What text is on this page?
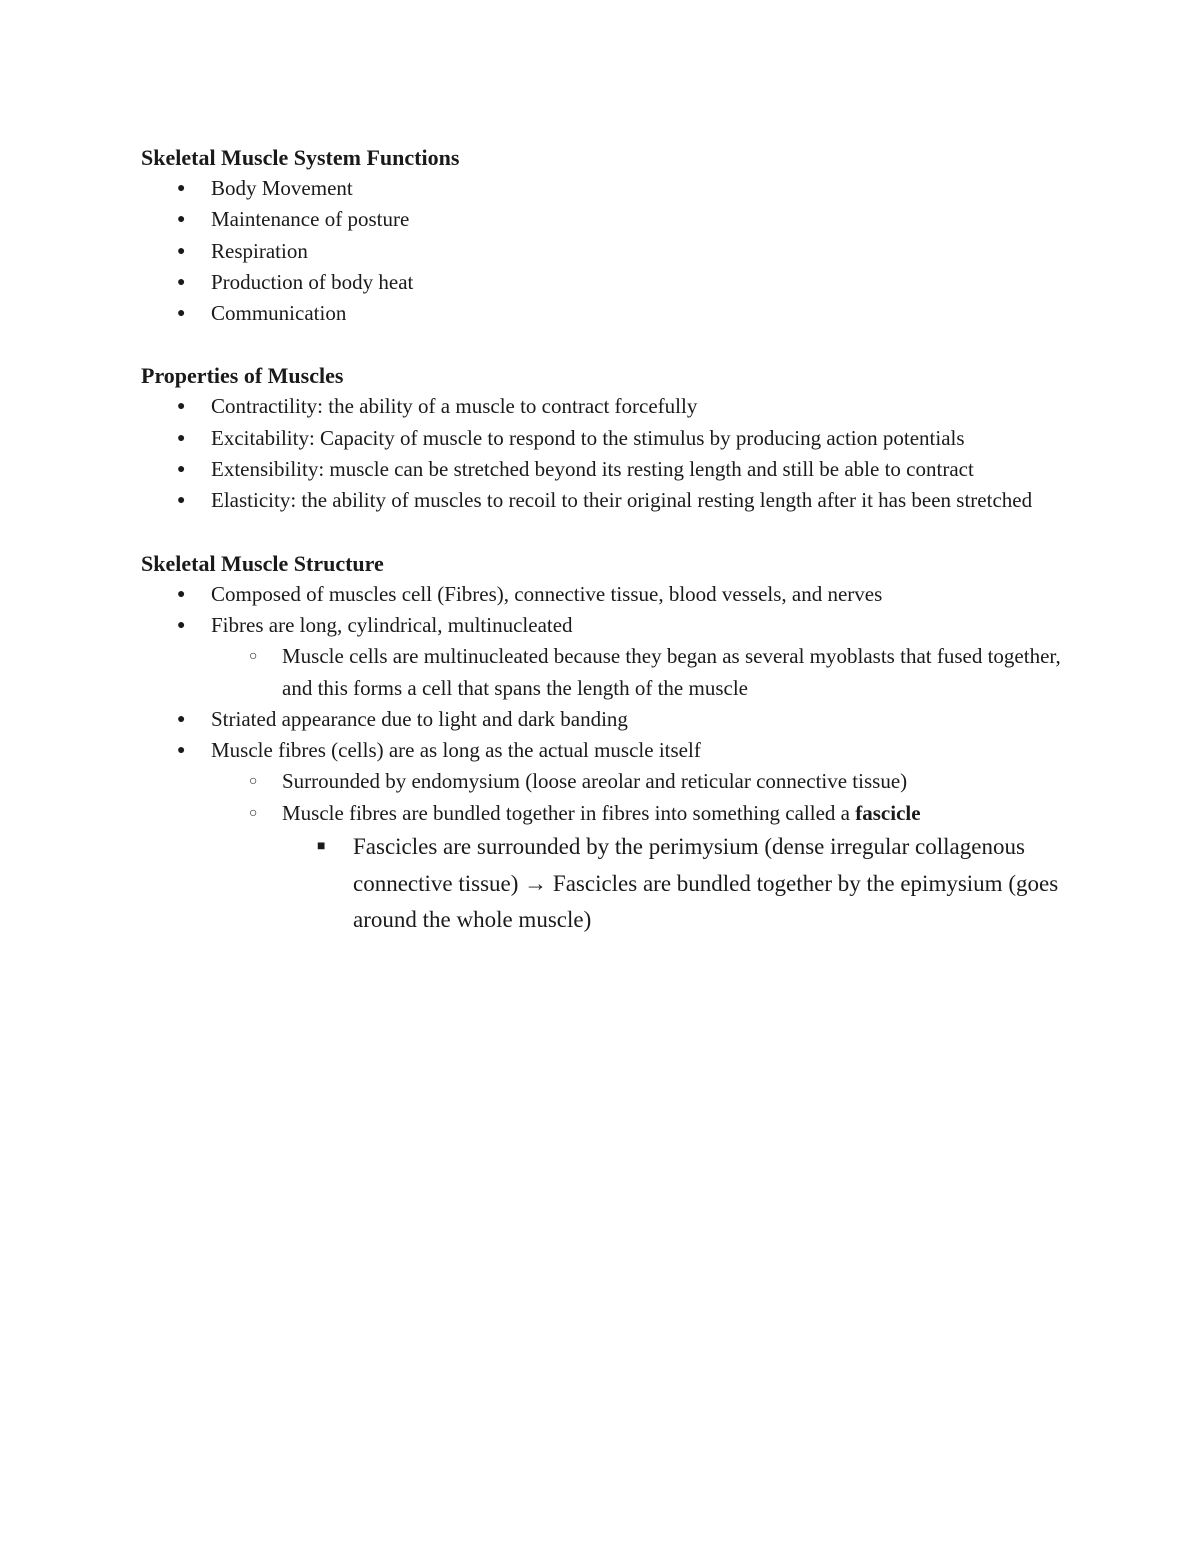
Skeletal Muscle System Functions

● Body Movement
● Maintenance of posture
● Respiration
● Production of body heat
● Communication

Properties of Muscles

● Contractility: the ability of a muscle to contract forcefully
● Excitability: Capacity of muscle to respond to the stimulus by producing action potentials
● Extensibility: muscle can be stretched beyond its resting length and still be able to contract
● Elasticity: the ability of muscles to recoil to their original resting length after it has been stretched

Skeletal Muscle Structure

● Composed of muscles cell (Fibres), connective tissue, blood vessels, and nerves
● Fibres are long, cylindrical, multinucleated
○ Muscle cells are multinucleated because they began as several myoblasts that fused together, and this forms a cell that spans the length of the muscle
● Striated appearance due to light and dark banding
● Muscle fibres (cells) are as long as the actual muscle itself
○ Surrounded by endomysium (loose areolar and reticular connective tissue)
○ Muscle fibres are bundled together in fibres into something called a fascicle
■ Fascicles are surrounded by the perimysium (dense irregular collagenous connective tissue) → Fascicles are bundled together by the epimysium (goes around the whole muscle)
